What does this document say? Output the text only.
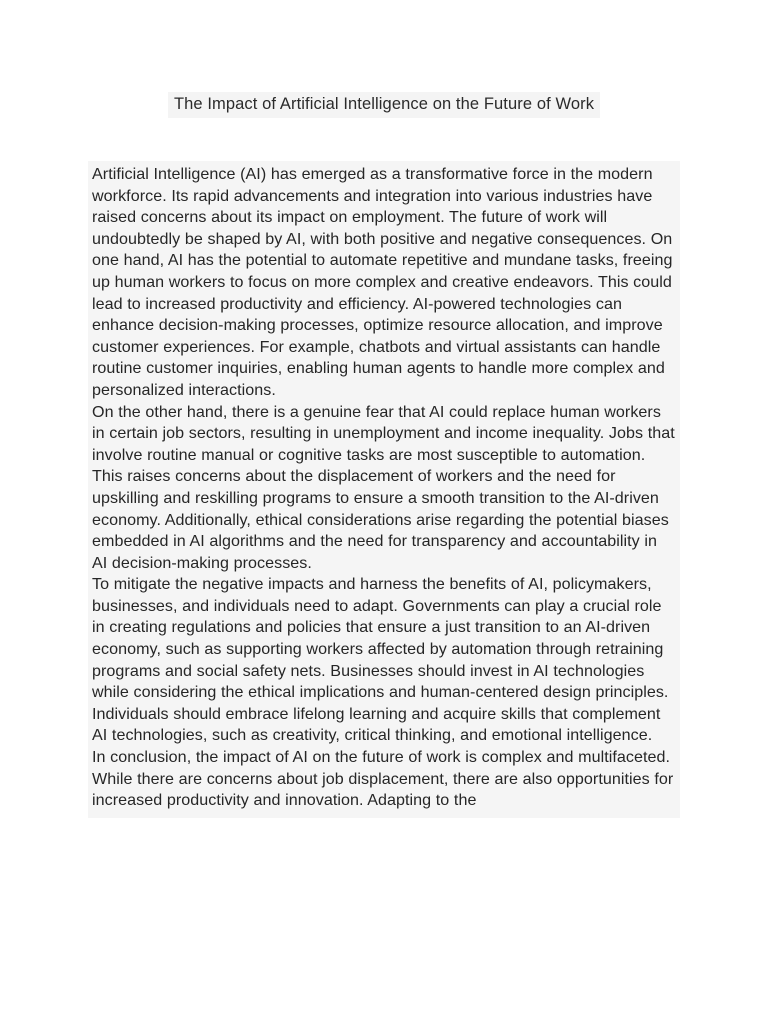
The Impact of Artificial Intelligence on the Future of Work

Artificial Intelligence (AI) has emerged as a transformative force in the modern workforce. Its rapid advancements and integration into various industries have raised concerns about its impact on employment. The future of work will undoubtedly be shaped by AI, with both positive and negative consequences. On one hand, AI has the potential to automate repetitive and mundane tasks, freeing up human workers to focus on more complex and creative endeavors. This could lead to increased productivity and efficiency. AI-powered technologies can enhance decision-making processes, optimize resource allocation, and improve customer experiences. For example, chatbots and virtual assistants can handle routine customer inquiries, enabling human agents to handle more complex and personalized interactions.

On the other hand, there is a genuine fear that AI could replace human workers in certain job sectors, resulting in unemployment and income inequality. Jobs that involve routine manual or cognitive tasks are most susceptible to automation. This raises concerns about the displacement of workers and the need for upskilling and reskilling programs to ensure a smooth transition to the AI-driven economy. Additionally, ethical considerations arise regarding the potential biases embedded in AI algorithms and the need for transparency and accountability in AI decision-making processes.

To mitigate the negative impacts and harness the benefits of AI, policymakers, businesses, and individuals need to adapt. Governments can play a crucial role in creating regulations and policies that ensure a just transition to an AI-driven economy, such as supporting workers affected by automation through retraining programs and social safety nets. Businesses should invest in AI technologies while considering the ethical implications and human-centered design principles. Individuals should embrace lifelong learning and acquire skills that complement AI technologies, such as creativity, critical thinking, and emotional intelligence.

In conclusion, the impact of AI on the future of work is complex and multifaceted. While there are concerns about job displacement, there are also opportunities for increased productivity and innovation. Adapting to the
